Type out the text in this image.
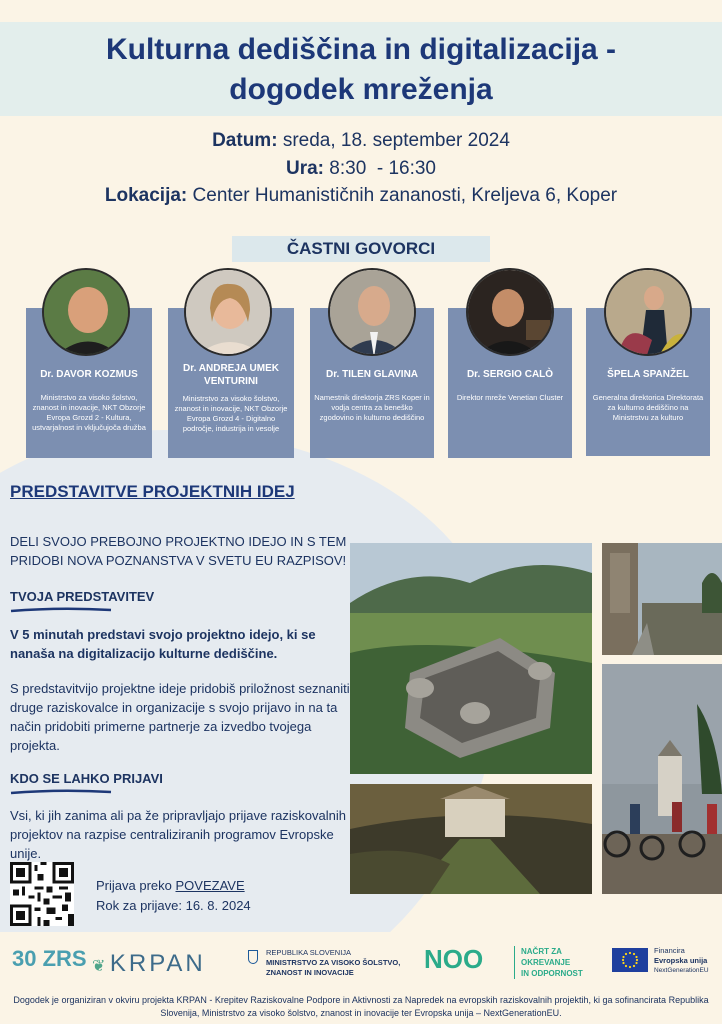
Kulturna dediščina in digitalizacija -
dogodek mreženja
Datum: sreda, 18. september 2024
Ura: 8:30  - 16:30
Lokacija: Center Humanističnih zananosti, Kreljeva 6, Koper
ČASTNI GOVORCI
Dr. DAVOR KOZMUS
Ministrstvo za visoko šolstvo, znanost in inovacije, NKT Obzorje Evropa Grozd 2 - Kultura, ustvarjalnost in vključujoča družba
Dr. ANDREJA UMEK VENTURINI
Ministrstvo za visoko šolstvo, znanost in inovacije, NKT Obzorje Evropa Grozd 4 - Digitalno področje, industrija in vesolje
Dr. TILEN GLAVINA
Namestnik direktorja ZRS Koper in vodja centra za beneško zgodovino in kulturno dediščino
Dr. SERGIO CALÒ
Direktor mreže Venetian Cluster
ŠPELA SPANŽEL
Generalna direktorica Direktorata za kulturno dediščino na Ministrstvu za kulturo
PREDSTAVITVE PROJEKTNIH IDEJ
DELI SVOJO PREBOJNO PROJEKTNO IDEJO IN S TEM PRIDOBI NOVA POZNANSTVA V SVETU EU RAZPISOV!
TVOJA PREDSTAVITEV
V 5 minutah predstavi svojo projektno idejo, ki se nanaša na digitalizacijo kulturne dediščine.
S predstavitvijo projektne ideje pridobiš priložnost seznaniti druge raziskovalce in organizacije s svojo prijavo in na ta način pridobiti primerne partnerje za izvedbo tvojega projekta.
KDO SE LAHKO PRIJAVI
Vsi, ki jih zanima ali pa že pripravljajo prijave raziskovalnih projektov na razpise centraliziranih programov Evropske unije.
Prijava preko POVEZAVE
Rok za prijave: 16. 8. 2024
30 ZRS ❦ KRPAN	REPUBLIKA SLOVENIJA
MINISTRSTVO ZA VISOKO ŠOLSTVO,
ZNANOST IN INOVACIJE	NOO	NAČRT ZA
OKREVANJE
IN ODPORNOST
Financira
Evropska unija
NextGenerationEU
Dogodek je organiziran v okviru projekta KRPAN - Krepitev Raziskovalne Podpore in Aktivnosti za Napredek na evropskih raziskovalnih projektih, ki ga sofinancirata Republika Slovenija, Ministrstvo za visoko šolstvo, znanost in inovacije ter Evropska unija – NextGenerationEU.
